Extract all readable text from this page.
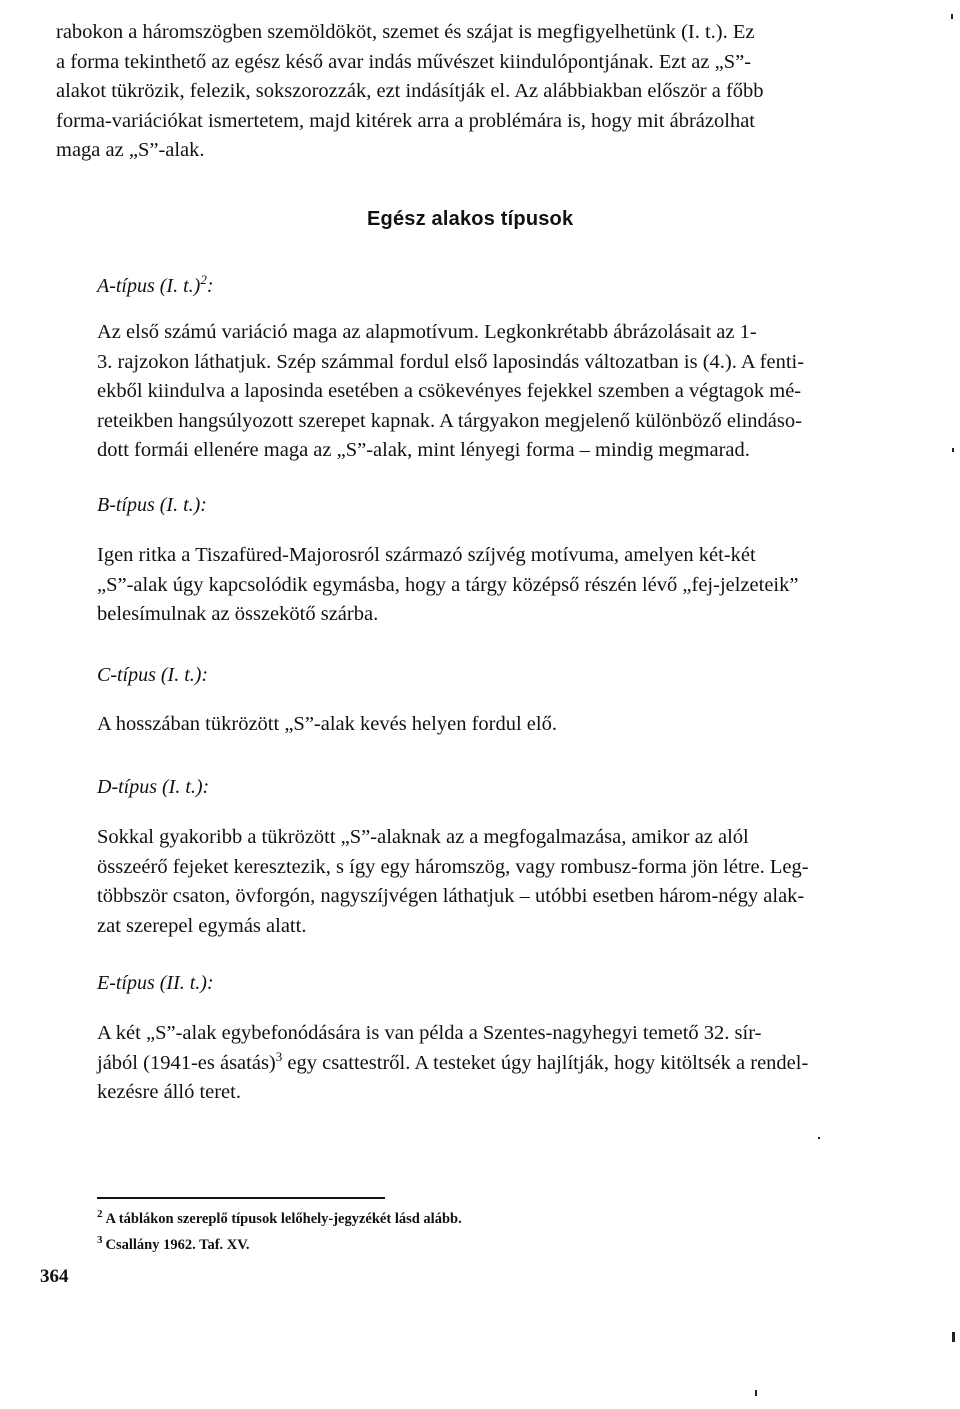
rabokon a háromszögben szemöldököt, szemet és szájat is megfigyelhetünk (I. t.). Ez
a forma tekinthető az egész késő avar indás művészet kiindulópontjának. Ezt az „S”-
alakot tükrözik, felezik, sokszorozzák, ezt indásítják el. Az alábbiakban először a főbb
forma-variációkat ismertetem, majd kitérek arra a problémára is, hogy mit ábrázolhat
maga az „S”-alak.
Egész alakos típusok
A-típus (I. t.)$^2$:
Az első számú variáció maga az alapmotívum. Legkonkrétabb ábrázolásait az 1-
3. rajzokon láthatjuk. Szép számmal fordul első laposindás változatban is (4.). A fenti-
ekből kiindulva a laposinda esetében a csökevényes fejekkel szemben a végtagok mé-
reteikben hangsúlyozott szerepet kapnak. A tárgyakon megjelenő különböző elindáso-
dott formái ellenére maga az „S”-alak, mint lényegi forma – mindig megmarad.
B-típus (I. t.):
Igen ritka a Tiszafüred-Majorosról származó szíjvég motívuma, amelyen két-két
„S”-alak úgy kapcsolódik egymásba, hogy a tárgy középső részén lévő „fej-jelzeteik”
belesímulnak az összekötő szárba.
C-típus (I. t.):
A hosszában tükrözött „S”-alak kevés helyen fordul elő.
D-típus (I. t.):
Sokkal gyakoribb a tükrözött „S”-alaknak az a megfogalmazása, amikor az alól
összeérő fejeket keresztezik, s így egy háromszög, vagy rombusz-forma jön létre. Leg-
többször csaton, övforgón, nagyszíjvégen láthatjuk – utóbbi esetben három-négy alak-
zat szerepel egymás alatt.
E-típus (II. t.):
A két „S”-alak egybefonódására is van példa a Szentes-nagyhegyi temető 32. sír-
jából (1941-es ásatás)$^3$ egy csattestről. A testeket úgy hajlítják, hogy kitöltsék a rendel-
kezésre álló teret.
$^2$ A táblákon szereplő típusok lelőhely-jegyzékét lásd alább.
$^3$ Csallány 1962. Taf. XV.
364
